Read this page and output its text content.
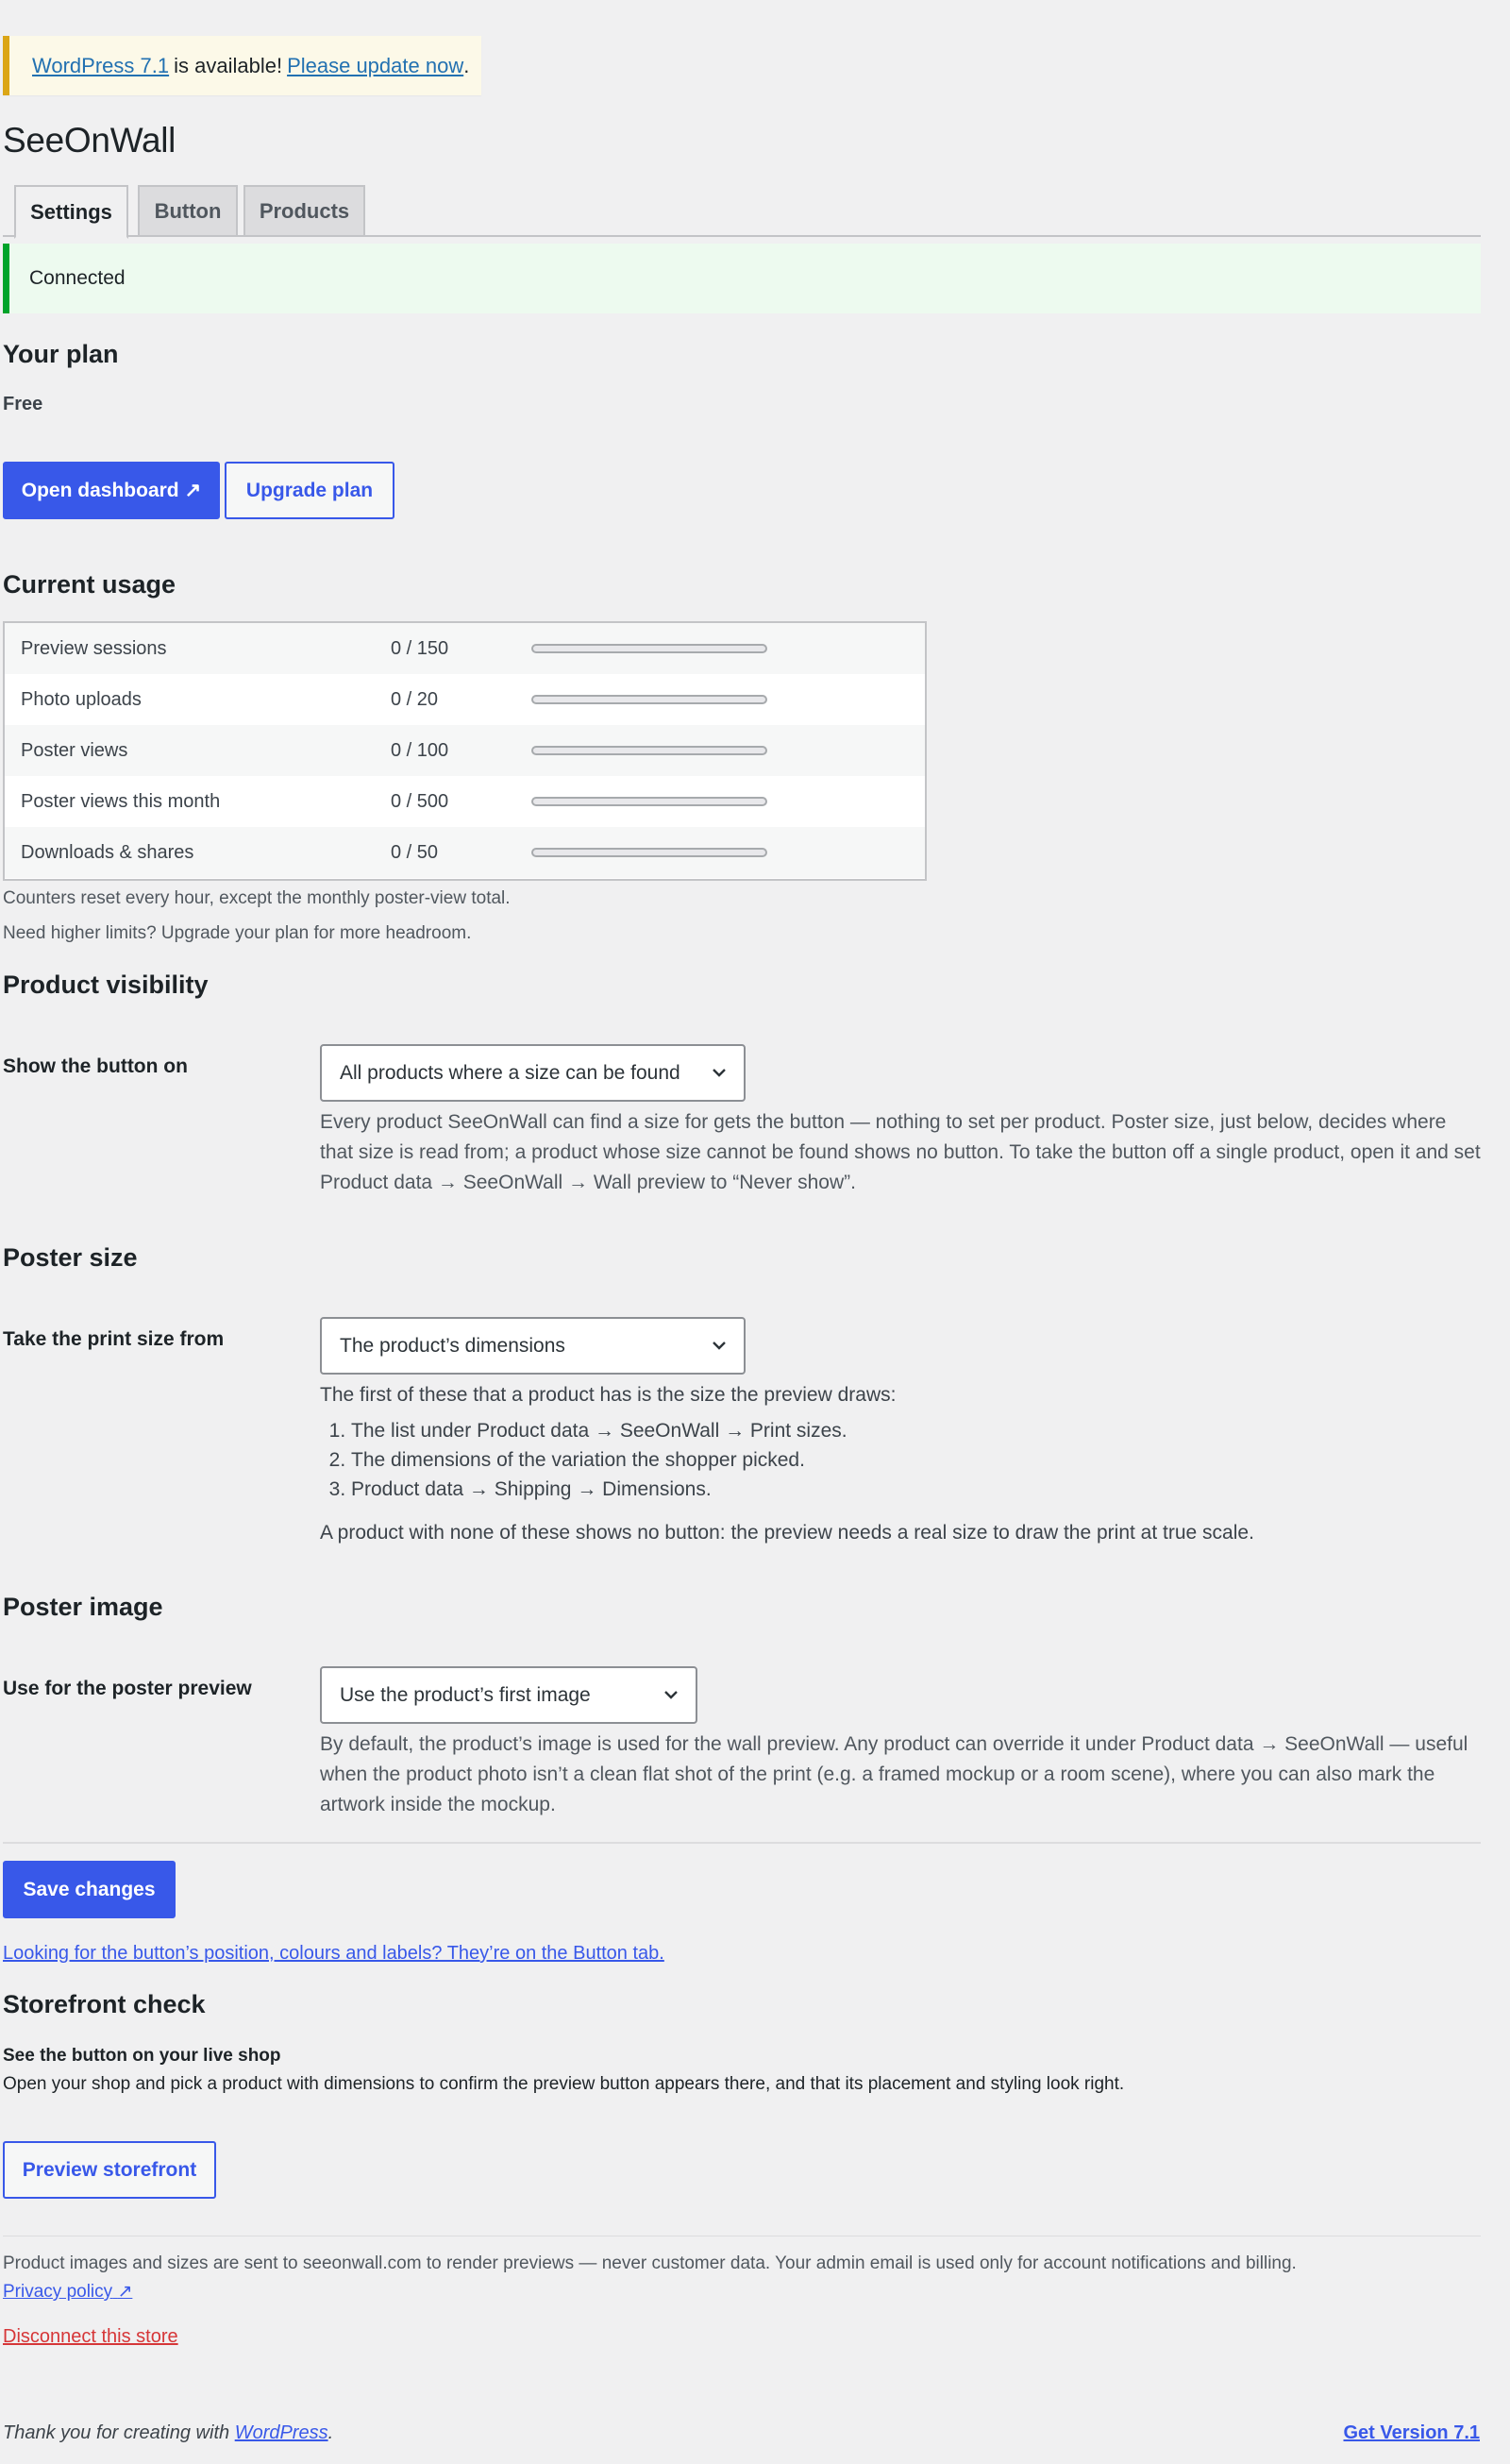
WordPress 7.1 is available! Please update now .
SeeOnWall
Settings	Button	Products
Connected
Your plan
Free
Open dashboard ↗	Upgrade plan
Current usage
Preview sessions	0 / 150
Photo uploads	0 / 20
Poster views	0 / 100
Poster views this month	0 / 500
Downloads & shares	0 / 50
Counters reset every hour, except the monthly poster-view total.
Need higher limits? Upgrade your plan for more headroom.
Product visibility
Show the button on	All products where a size can be found
Every product SeeOnWall can find a size for gets the button — nothing to set per product. Poster size, just below, decides where that size is read from; a product whose size cannot be found shows no button. To take the button off a single product, open it and set Product data → SeeOnWall → Wall preview to “Never show”.
Poster size
Take the print size from	The product’s dimensions
The first of these that a product has is the size the preview draws:
1. The list under Product data → SeeOnWall → Print sizes.
2. The dimensions of the variation the shopper picked.
3. Product data → Shipping → Dimensions.
A product with none of these shows no button: the preview needs a real size to draw the print at true scale.
Poster image
Use for the poster preview	Use the product’s first image
By default, the product’s image is used for the wall preview. Any product can override it under Product data → SeeOnWall — useful when the product photo isn’t a clean flat shot of the print (e.g. a framed mockup or a room scene), where you can also mark the artwork inside the mockup.
Save changes
Looking for the button’s position, colours and labels? They’re on the Button tab.
Storefront check
See the button on your live shop
Open your shop and pick a product with dimensions to confirm the preview button appears there, and that its placement and styling look right.
Preview storefront
Product images and sizes are sent to seeonwall.com to render previews — never customer data. Your admin email is used only for account notifications and billing.
Privacy policy ↗
Disconnect this store
Thank you for creating with WordPress.	Get Version 7.1
